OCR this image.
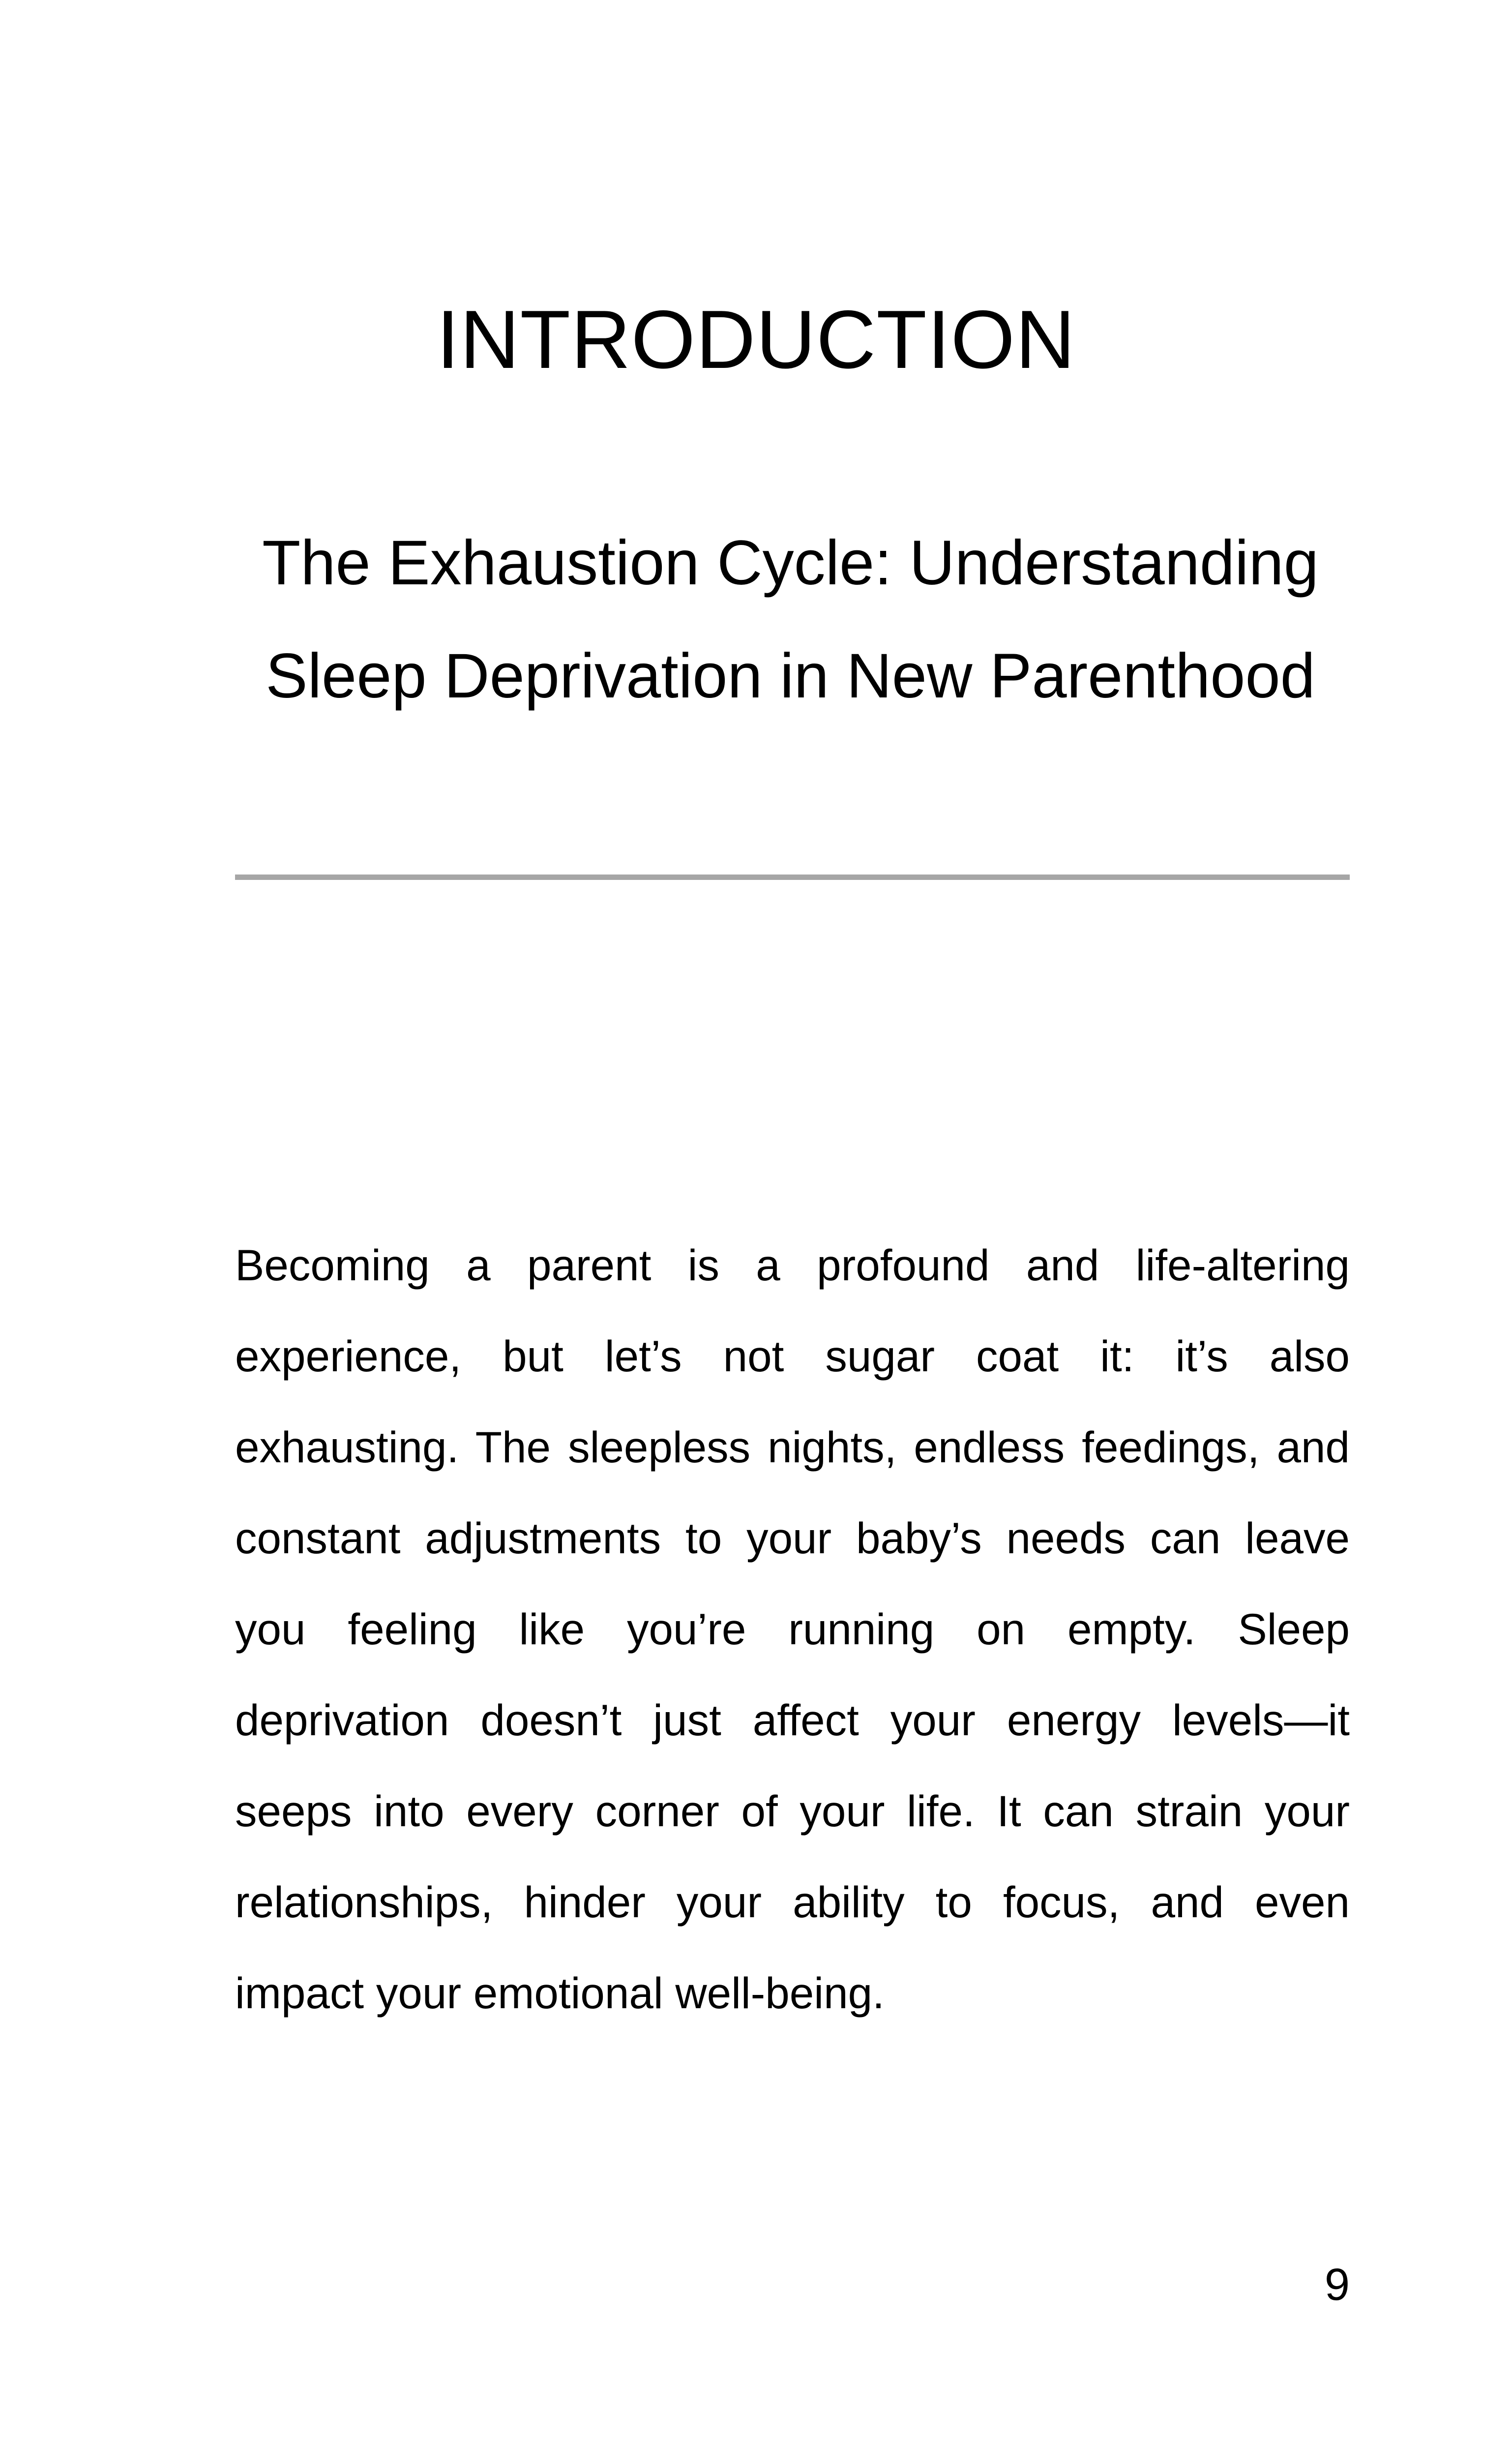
INTRODUCTION
The Exhaustion Cycle: Understanding
Sleep Deprivation in New Parenthood
Becoming a parent is a profound and life-altering
experience, but let’s not sugar coat it: it’s also
exhausting. The sleepless nights, endless feedings, and
constant adjustments to your baby’s needs can leave
you feeling like you’re running on empty. Sleep
deprivation doesn’t just affect your energy levels—it
seeps into every corner of your life. It can strain your
relationships, hinder your ability to focus, and even
impact your emotional well-being.
9
